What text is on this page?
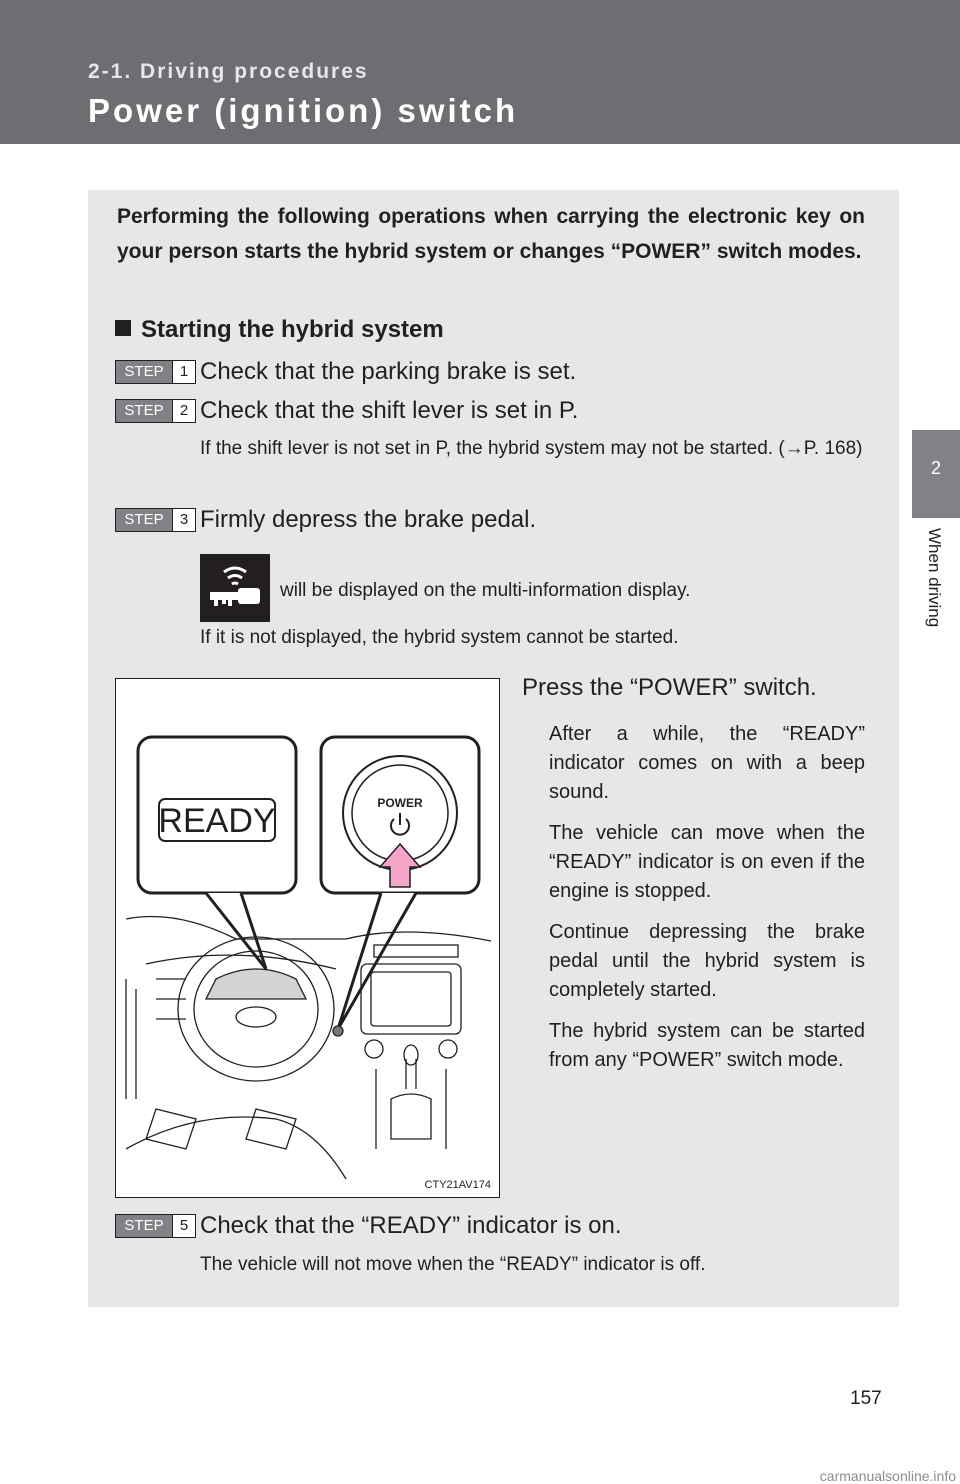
2-1. Driving procedures
Power (ignition) switch
2
When driving
Performing the following operations when carrying the electronic key on your person starts the hybrid system or changes “POWER” switch modes.
Starting the hybrid system
STEP	1 Check that the parking brake is set.
STEP	2 Check that the shift lever is set in P.
If the shift lever is not set in P, the hybrid system may not be started. (→P. 168)
STEP	3 Firmly depress the brake pedal.
will be displayed on the multi-information display.
If it is not displayed, the hybrid system cannot be started.
READY	POWER
CTY21AV174
Press the “POWER” switch.

After a while, the “READY” indicator comes on with a beep sound.

The vehicle can move when the “READY” indicator is on even if the engine is stopped.

Continue depressing the brake pedal until the hybrid system is completely started.

The hybrid system can be started from any “POWER” switch mode.

STEP	5 Check that the “READY” indicator is on.
The vehicle will not move when the “READY” indicator is off.
157
carmanualsonline.info
